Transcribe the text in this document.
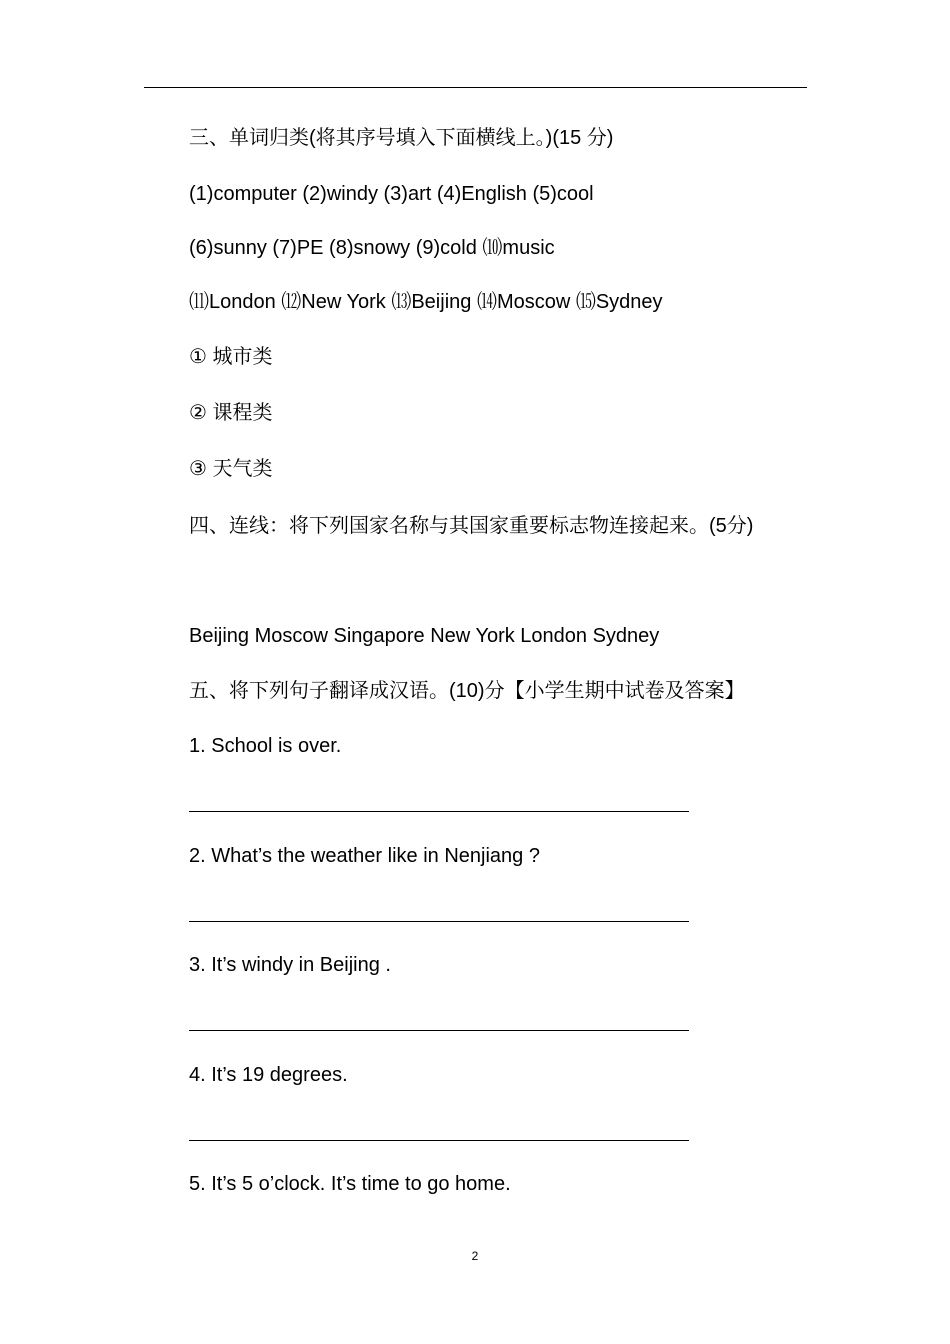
三、单词归类(将其序号填入下面横线上。)(15 分)
(1)computer (2)windy (3)art (4)English (5)cool
(6)sunny (7)PE (8)snowy (9)cold ⑽music
⑾London ⑿New York ⒀Beijing ⒁Moscow ⒂Sydney
① 城市类
② 课程类
③ 天气类
四、连线：将下列国家名称与其国家重要标志物连接起来。(5分)
Beijing Moscow Singapore New York London Sydney
五、将下列句子翻译成汉语。(10)分【小学生期中试卷及答案】
1. School is over.
2. What’s the weather like in Nenjiang ?
3. It’s windy in Beijing .
4. It’s 19 degrees.
5. It’s 5 o’clock. It’s time to go home.
2
